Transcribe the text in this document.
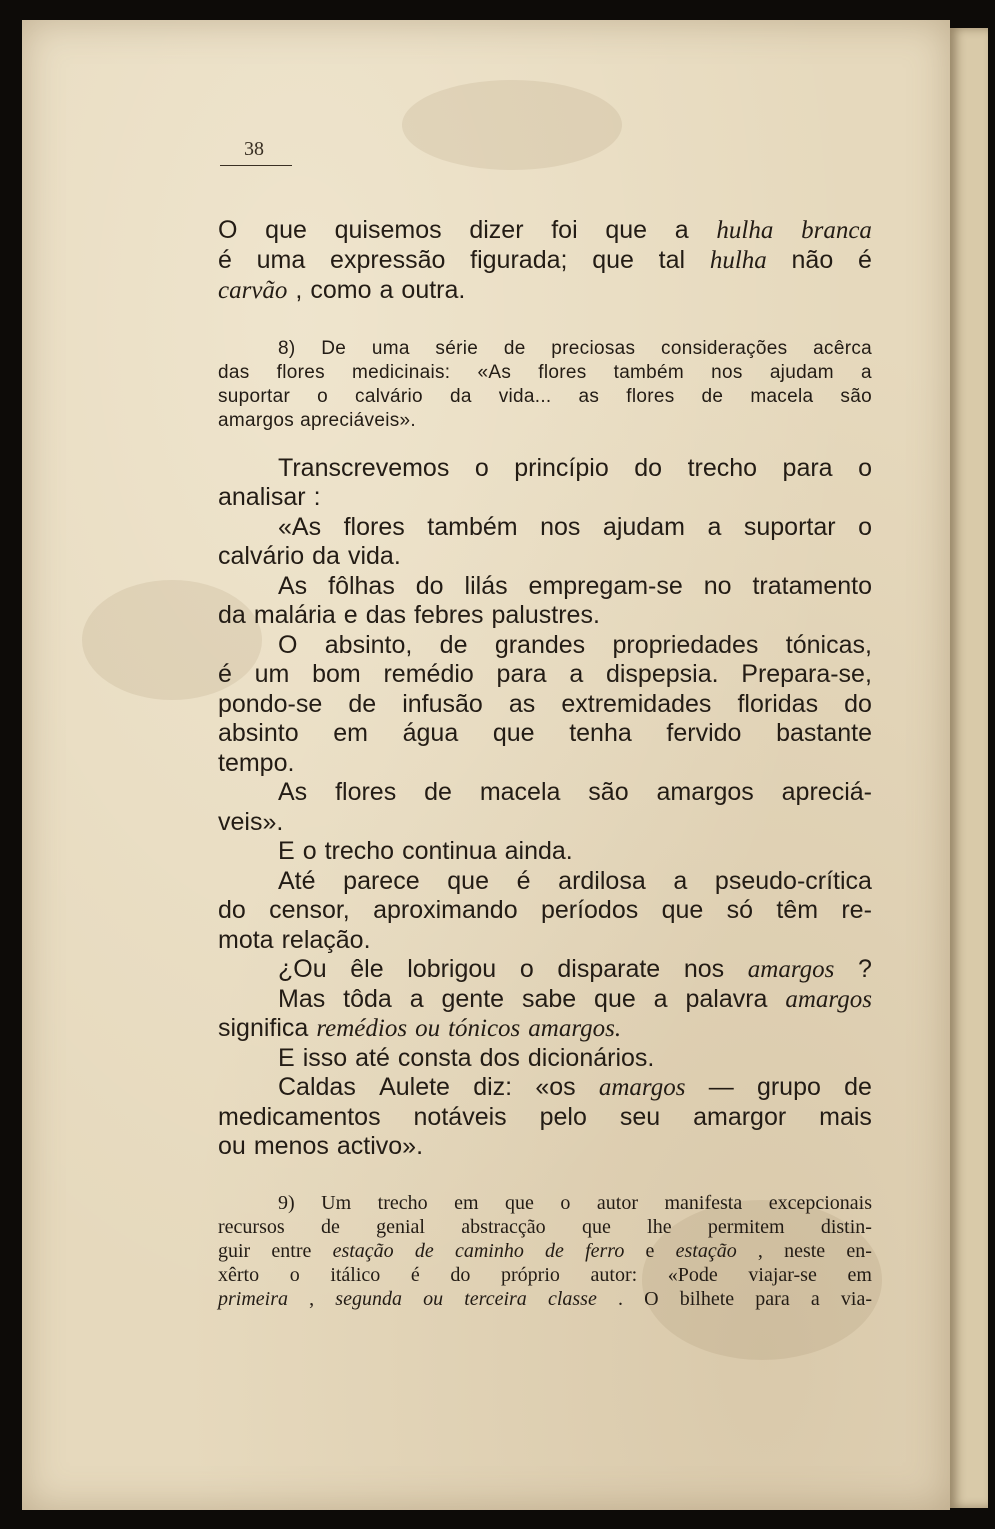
38

O que quisemos dizer foi que a hulha branca

é uma expressão figurada; que tal hulha não é

carvão , como a outra.

8) De uma série de preciosas considerações acêrca

das flores medicinais: «As flores também nos ajudam a

suportar o calvário da vida... as flores de macela são

amargos apreciáveis».

Transcrevemos o princípio do trecho para o

analisar :

«As flores também nos ajudam a suportar o

calvário da vida.

As fôlhas do lilás empregam-se no tratamento

da malária e das febres palustres.

O absinto, de grandes propriedades tónicas,

é um bom remédio para a dispepsia. Prepara-se,

pondo-se de infusão as extremidades floridas do

absinto em água que tenha fervido bastante

tempo.

As flores de macela são amargos apreciá-

veis».

E o trecho continua ainda.

Até parece que é ardilosa a pseudo-crítica

do censor, aproximando períodos que só têm re-

mota relação.

¿Ou êle lobrigou o disparate nos amargos ?

Mas tôda a gente sabe que a palavra amargos

significa remédios ou tónicos amargos.

E isso até consta dos dicionários.

Caldas Aulete diz: «os amargos — grupo de

medicamentos notáveis pelo seu amargor mais

ou menos activo».

9) Um trecho em que o autor manifesta excepcionais

recursos de genial abstracção que lhe permitem distin-

guir entre estação de caminho de ferro e estação , neste en-

xêrto o itálico é do próprio autor: «Pode viajar-se em

primeira , segunda ou terceira classe . O bilhete para a via-
